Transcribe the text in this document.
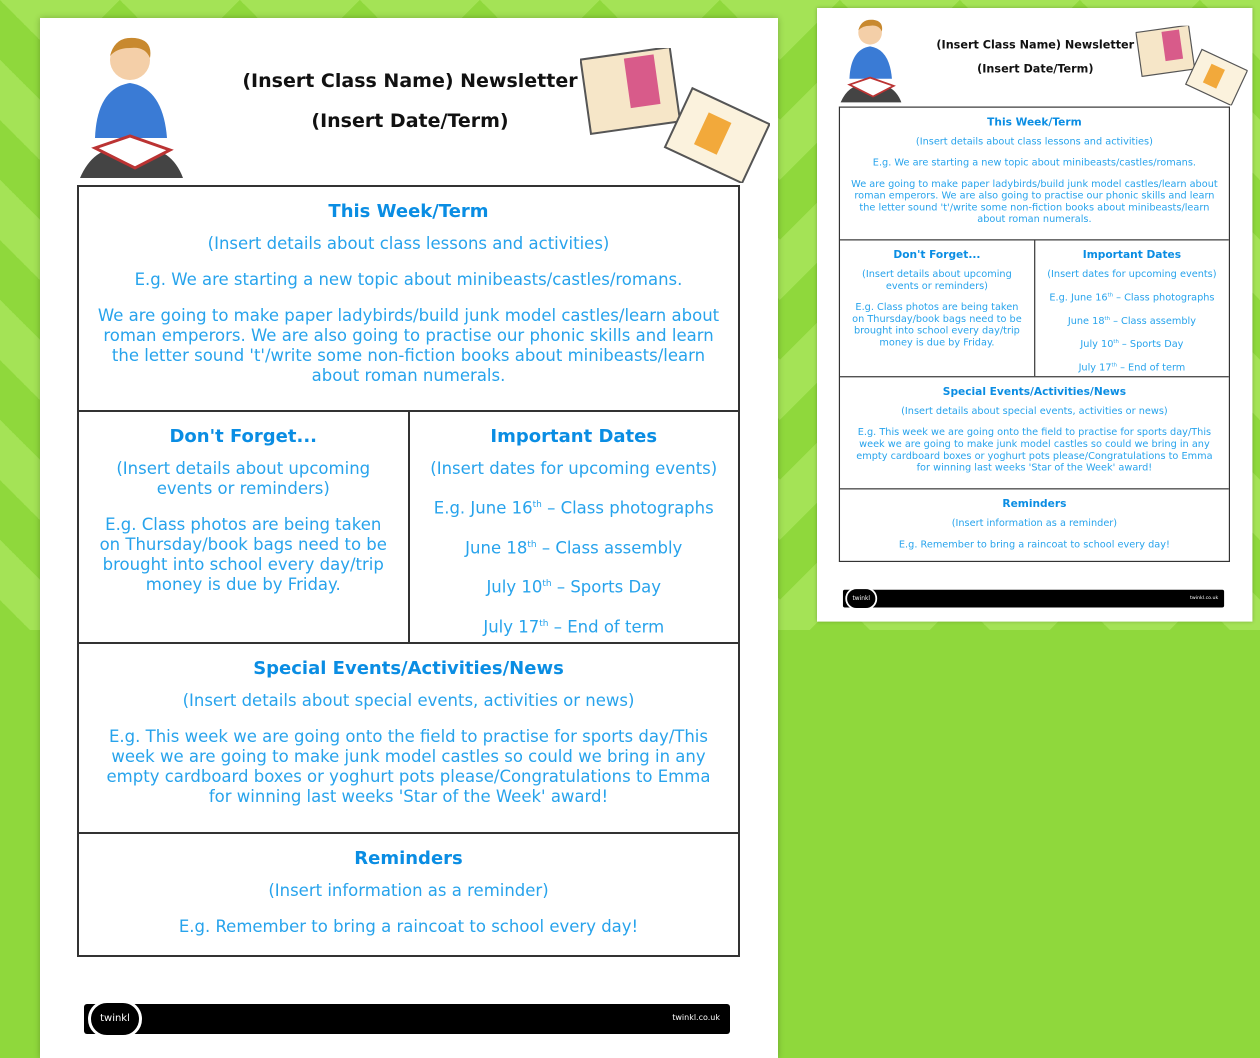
(Insert Class Name) Newsletter
(Insert Date/Term)
This Week/Term
(Insert details about class lessons and activities)
E.g. We are starting a new topic about minibeasts/castles/romans.
We are going to make paper ladybirds/build junk model castles/learn about roman emperors. We are also going to practise our phonic skills and learn the letter sound 't'/write some non-fiction books about minibeasts/learn about roman numerals.
Don't Forget...
(Insert details about upcoming events or reminders)
E.g. Class photos are being taken on Thursday/book bags need to be brought into school every day/trip money is due by Friday.
Important Dates
(Insert dates for upcoming events)
E.g. June 16th – Class photographs
June 18th – Class assembly
July 10th – Sports Day
July 17th – End of term
Special Events/Activities/News
(Insert details about special events, activities or news)
E.g. This week we are going onto the field to practise for sports day/This week we are going to make junk model castles so could we bring in any empty cardboard boxes or yoghurt pots please/Congratulations to Emma for winning last weeks 'Star of the Week' award!
Reminders
(Insert information as a reminder)
E.g. Remember to bring a raincoat to school every day!
twinkl	twinkl.co.uk
(Insert Class Name) Newsletter
(Insert Date/Term)
This Week/Term
(Insert details about class lessons and activities)
E.g. We are starting a new topic about minibeasts/castles/romans.
We are going to make paper ladybirds/build junk model castles/learn about roman emperors. We are also going to practise our phonic skills and learn the letter sound 't'/write some non-fiction books about minibeasts/learn about roman numerals.
Don't Forget...
(Insert details about upcoming events or reminders)
E.g. Class photos are being taken on Thursday/book bags need to be brought into school every day/trip money is due by Friday.
Important Dates
(Insert dates for upcoming events)
E.g. June 16th – Class photographs
June 18th – Class assembly
July 10th – Sports Day
July 17th – End of term
Special Events/Activities/News
(Insert details about special events, activities or news)
E.g. This week we are going onto the field to practise for sports day/This week we are going to make junk model castles so could we bring in any empty cardboard boxes or yoghurt pots please/Congratulations to Emma for winning last weeks 'Star of the Week' award!
Reminders
(Insert information as a reminder)
E.g. Remember to bring a raincoat to school every day!
twinkl	twinkl.co.uk
